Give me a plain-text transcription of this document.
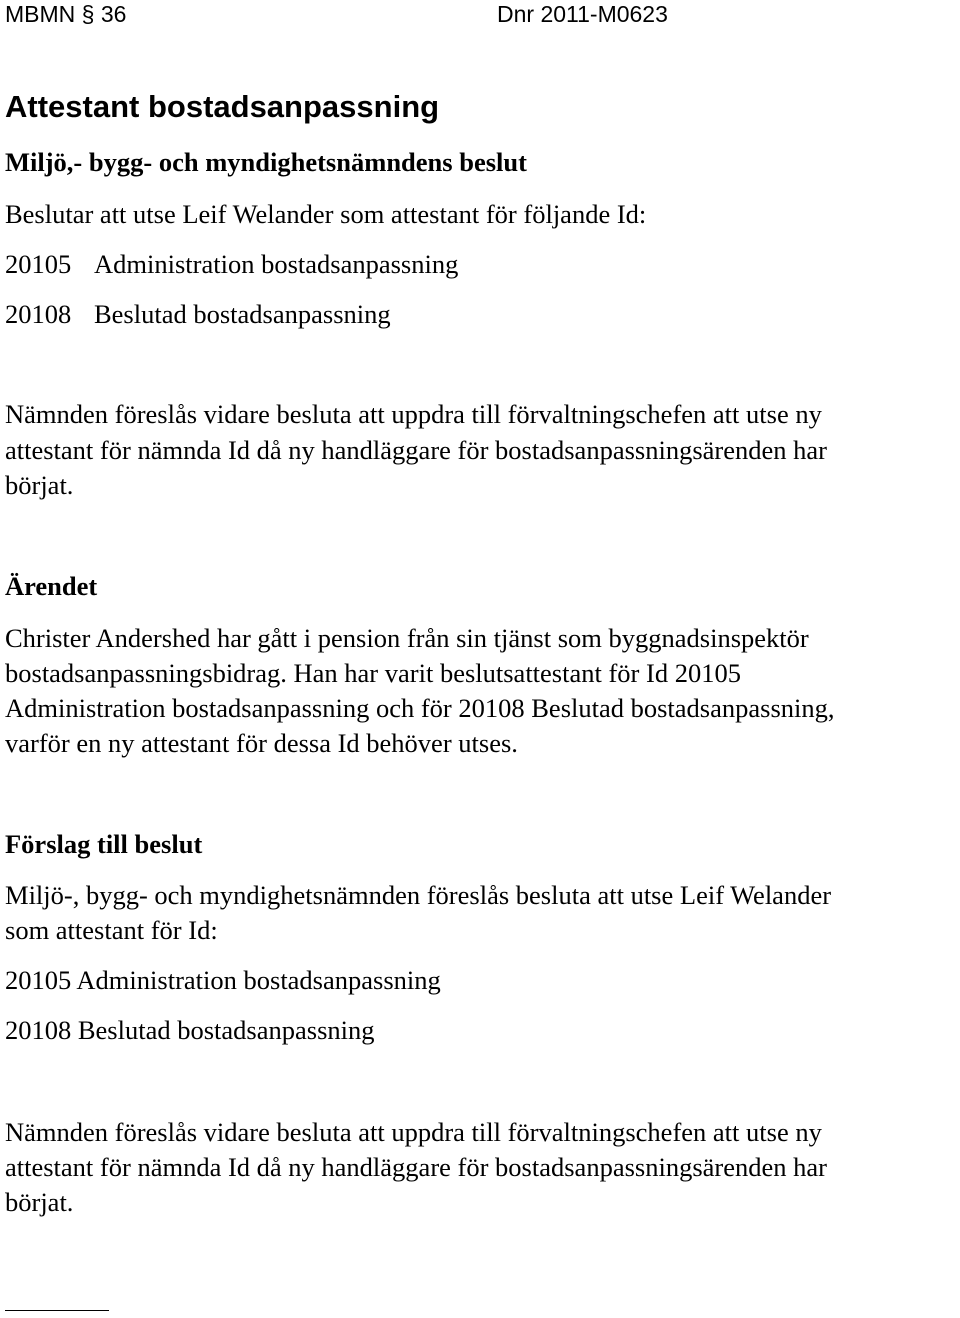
MBMN § 36	Dnr 2011-M0623
Attestant bostadsanpassning

Miljö,- bygg- och myndighetsnämndens beslut

Beslutar att utse Leif Welander som attestant för följande Id:

20105 Administration bostadsanpassning

20108 Beslutad bostadsanpassning

Nämnden föreslås vidare besluta att uppdra till förvaltningschefen att utse ny

attestant för nämnda Id då ny handläggare för bostadsanpassningsärenden har

börjat.

Ärendet

Christer Andershed har gått i pension från sin tjänst som byggnadsinspektör

bostadsanpassningsbidrag. Han har varit beslutsattestant för Id 20105

Administration bostadsanpassning och för 20108 Beslutad bostadsanpassning,

varför en ny attestant för dessa Id behöver utses.

Förslag till beslut

Miljö-, bygg- och myndighetsnämnden föreslås besluta att utse Leif Welander

som attestant för Id:

20105 Administration bostadsanpassning

20108 Beslutad bostadsanpassning

Nämnden föreslås vidare besluta att uppdra till förvaltningschefen att utse ny

attestant för nämnda Id då ny handläggare för bostadsanpassningsärenden har

börjat.
